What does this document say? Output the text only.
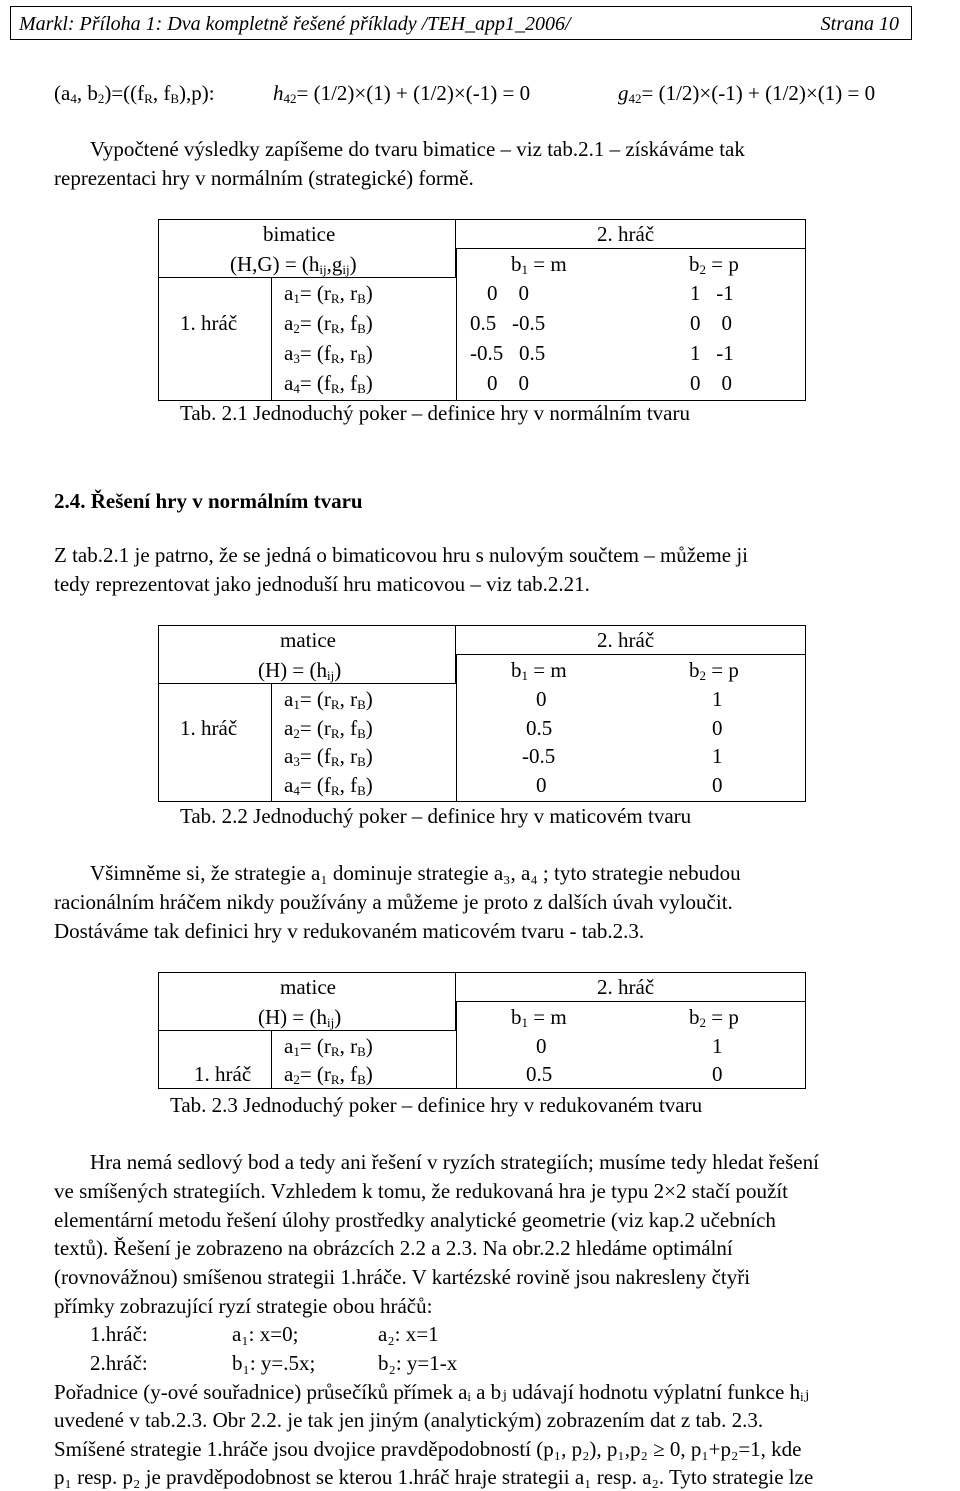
Markl: Příloha 1: Dva kompletně řešené příklady /TEH_app1_2006/	Strana 10
($a_4$, $b_2)=((f_R$, $f_B),p$):	$h_{42}= (1/2)\times(1) + (1/2)\times(-1) = 0$	$g_{42}= (1/2)\times(-1) + (1/2)\times(1) = 0$
Vypočtené výsledky zapíšeme do tvaru bimatice – viz tab.2.1 – získáváme tak
reprezentaci hry v normálním (strategické) formě.
bimatice
$(H,G) = (h_{ij},g_{ij})$
2. hráč
$b_1 = m$	$b_2 = p$
1. hráč
$a_1= (r_R$, $r_B$)	0    0	1   -1
$a_2= (r_R$, $f_B$)	0.5   -0.5	0    0
$a_3= (f_R$, $r_B$)	-0.5   0.5	1   -1
$a_4= (f_R$, $f_B$)	0    0	0    0
Tab. 2.1 Jednoduchý poker – definice hry v normálním tvaru
2.4. Řešení hry v normálním tvaru
Z tab.2.1 je patrno, že se jedná o bimaticovou hru s nulovým součtem – můžeme ji
tedy reprezentovat jako jednoduší hru maticovou – viz tab.2.21.
matice
$(H) = (h_{ij})$
2. hráč
$b_1 = m$	$b_2 = p$
1. hráč
$a_1= (r_R$, $r_B$)	0	1
$a_2= (r_R$, $f_B$)	0.5	0
$a_3= (f_R$, $r_B$)	-0.5	1
$a_4= (f_R$, $f_B$)	0	0
Tab. 2.2 Jednoduchý poker – definice hry v maticovém tvaru
Všimněme si, že strategie a₁ dominuje strategie a₃, a₄ ; tyto strategie nebudou
racionálním hráčem nikdy používány a můžeme je proto z dalších úvah vyloučit.
Dostáváme tak definici hry v redukovaném maticovém tvaru - tab.2.3.
matice
$(H) = (h_{ij})$
2. hráč
$b_1 = m$	$b_2 = p$
1. hráč
$a_1= (r_R$, $r_B$)	0	1
$a_2= (r_R$, $f_B$)	0.5	0
Tab. 2.3 Jednoduchý poker – definice hry v redukovaném tvaru
Hra nemá sedlový bod a tedy ani řešení v ryzích strategiích; musíme tedy hledat řešení
ve smíšených strategiích. Vzhledem k tomu, že redukovaná hra je typu 2×2 stačí použít
elementární metodu řešení úlohy prostředky analytické geometrie (viz kap.2 učebních
textů). Řešení je zobrazeno na obrázcích 2.2 a 2.3. Na obr.2.2 hledáme optimální
(rovnovážnou) smíšenou strategii 1.hráče. V kartézské rovině jsou nakresleny čtyři
přímky zobrazující ryzí strategie obou hráčů:
1.hráč:	a₁: x=0;	a₂: x=1
2.hráč:	b₁: y=.5x;	b₂: y=1-x
Pořadnice (y-ové souřadnice) průsečíků přímek aᵢ a bⱼ udávají hodnotu výplatní funkce hᵢⱼ
uvedené v tab.2.3. Obr 2.2. je tak jen jiným (analytickým) zobrazením dat z tab. 2.3.
Smíšené strategie 1.hráče jsou dvojice pravděpodobností (p₁, p₂), p₁,p₂ ≥ 0, p₁+p₂=1, kde
p₁ resp. p₂ je pravděpodobnost se kterou 1.hráč hraje strategii a₁ resp. a₂. Tyto strategie lze
